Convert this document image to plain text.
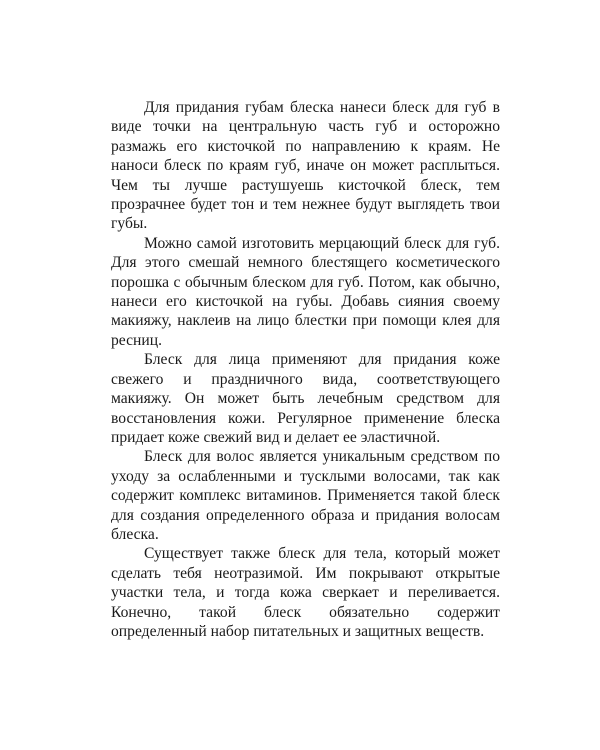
Для придания губам блеска нанеси блеск для губ в виде точки на центральную часть губ и осторожно размажь его кисточкой по направлению к краям. Не наноси блеск по краям губ, иначе он может расплыться. Чем ты лучше растушуешь кисточкой блеск, тем прозрачнее будет тон и тем нежнее будут выглядеть твои губы.

Можно самой изготовить мерцающий блеск для губ. Для этого смешай немного блестящего косметического порошка с обычным блеском для губ. Потом, как обычно, нанеси его кисточкой на губы. Добавь сияния своему макияжу, наклеив на лицо блестки при помощи клея для ресниц.

Блеск для лица применяют для придания коже свежего и праздничного вида, соответствующего макияжу. Он может быть лечебным средством для восстановления кожи. Регулярное применение блеска придает коже свежий вид и делает ее эластичной.

Блеск для волос является уникальным средством по уходу за ослабленными и тусклыми волосами, так как содержит комплекс витаминов. Применяется такой блеск для создания определенного образа и придания волосам блеска.

Существует также блеск для тела, который может сделать тебя неотразимой. Им покрывают открытые участки тела, и тогда кожа сверкает и переливается. Конечно, такой блеск обязательно содержит определенный набор питательных и защитных веществ.
